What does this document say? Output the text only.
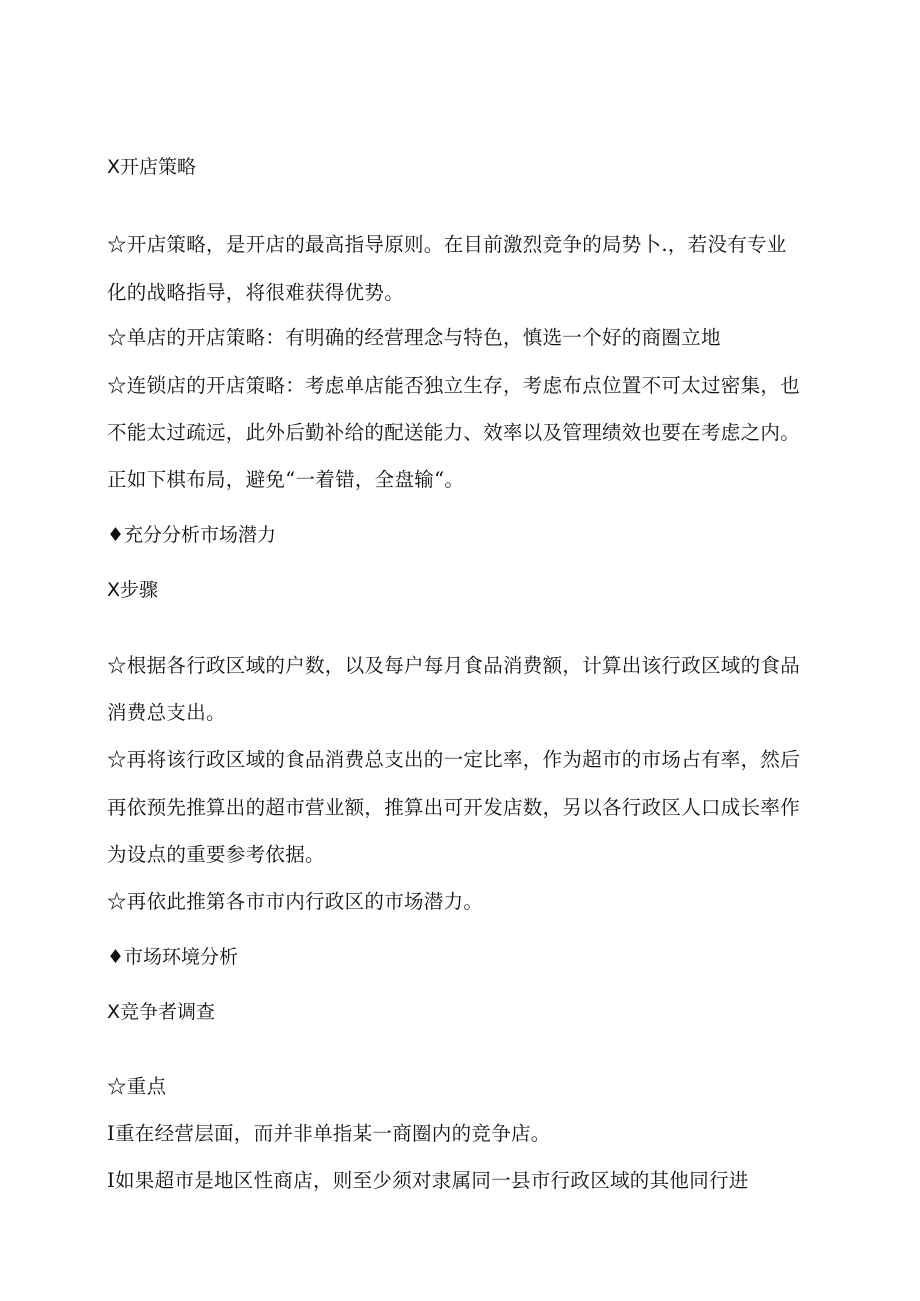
X开店策略
☆开店策略，是开店的最高指导原则。在目前激烈竞争的局势卜.，若没有专业
化的战略指导，将很难获得优势。
☆单店的开店策略：有明确的经营理念与特色，慎选一个好的商圈立地
☆连锁店的开店策略：考虑单店能否独立生存，考虑布点位置不可太过密集，也
不能太过疏远，此外后勤补给的配送能力、效率以及管理绩效也要在考虑之内。
正如下棋布局，避免“一着错，全盘输“。
♦充分分析市场潜力
X步骤
☆根据各行政区域的户数，以及每户每月食品消费额，计算出该行政区域的食品
消费总支出。
☆再将该行政区域的食品消费总支出的一定比率，作为超市的市场占有率，然后
再依预先推算出的超市营业额，推算出可开发店数，另以各行政区人口成长率作
为设点的重要参考依据。
☆再依此推第各市市内行政区的市场潜力。
♦市场环境分析
X竞争者调查
☆重点
I重在经营层面，而并非单指某一商圈内的竞争店。
I如果超市是地区性商店，则至少须对隶属同一县市行政区域的其他同行进
